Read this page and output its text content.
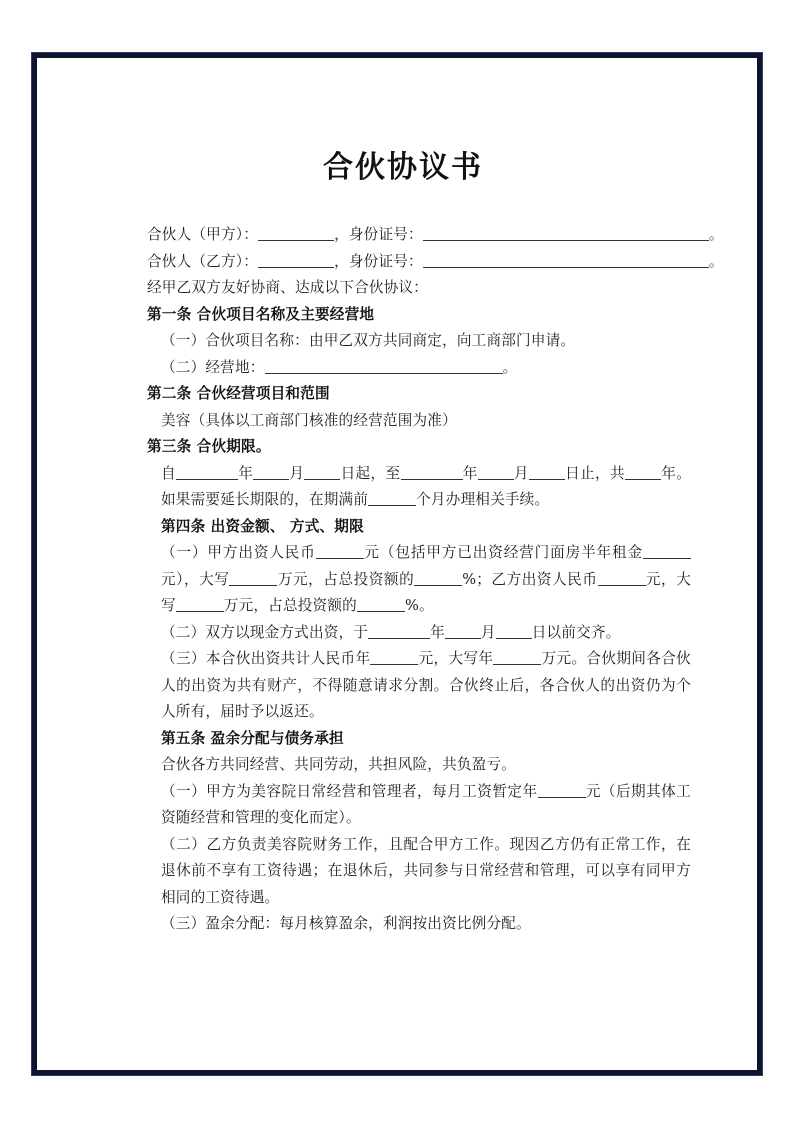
合伙协议书

合伙人（甲方）：	，身份证号：	。

合伙人（乙方）：	，身份证号：	。

经甲乙双方友好协商、达成以下合伙协议：

第一条 合伙项目名称及主要经营地

（一）合伙项目名称：由甲乙双方共同商定，向工商部门申请。

（二）经营地：	。

第二条 合伙经营项目和范围

美容（具体以工商部门核准的经营范围为准）

第三条 合伙期限。

自	年 月 日起，至	年 月 日止，共 年。如果需要延长期限的，在期满前	个月办理相关手续。

第四条 出资金额、 方式、期限

（一）甲方出资人民币	元（包括甲方已出资经营门面房半年租金元），大写	万元，占总投资额的	%；乙方出资人民币	元，大写	万元，占总投资额的	%。

（二）双方以现金方式出资，于	年 月 日以前交齐。

（三）本合伙出资共计人民币年	元，大写年	万元。合伙期间各合伙人的出资为共有财产，不得随意请求分割。合伙终止后，各合伙人的出资仍为个人所有，届时予以返还。

第五条 盈余分配与债务承担

合伙各方共同经营、共同劳动，共担风险，共负盈亏。

（一）甲方为美容院日常经营和管理者，每月工资暂定年	元（后期其体工资随经营和管理的变化而定）。

（二）乙方负责美容院财务工作，且配合甲方工作。现因乙方仍有正常工作，在退休前不享有工资待遇；在退休后，共同参与日常经营和管理，可以享有同甲方相同的工资待遇。

（三）盈余分配：每月核算盈余，利润按出资比例分配。
